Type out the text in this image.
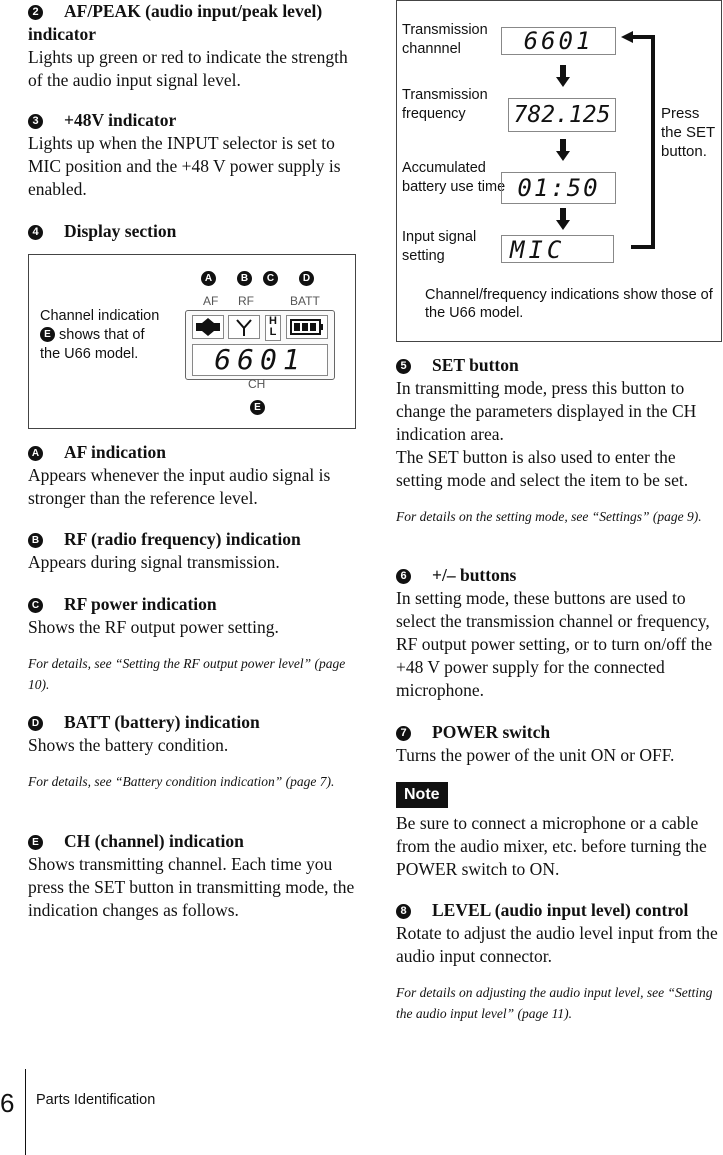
2 AF/PEAK (audio input/peak level) indicator

Lights up green or red to indicate the strength of the audio input signal level.

3 +48V indicator

Lights up when the INPUT selector is set to MIC position and the +48 V power supply is enabled.

4 Display section

Channel indication
E shows that of
the U66 model.
A	B	C	D
AF RF	BATT
H
L
6601
CH
E

A AF indication

Appears whenever the input audio signal is stronger than the reference level.

B RF (radio frequency) indication

Appears during signal transmission.

C RF power indication

Shows the RF output power setting.

For details, see “Setting the RF output power level” (page 10).

D BATT (battery) indication

Shows the battery condition.

For details, see “Battery condition indication” (page 7).

E CH (channel) indication

Shows transmitting channel. Each time you press the SET button in transmitting mode, the indication changes as follows.

Transmission channnel	6601
Transmission frequency	782.125
Accumulated battery use time 01:50
Input signal setting	MIC
Press the SET button.
Channel/frequency indications show those of the U66 model.

5 SET button

In transmitting mode, press this button to change the parameters displayed in the CH indication area.

The SET button is also used to enter the setting mode and select the item to be set.

For details on the setting mode, see “Settings” (page 9).

6 +/– buttons

In setting mode, these buttons are used to select the transmission channel or frequency, RF output power setting, or to turn on/off the +48 V power supply for the connected microphone.

7 POWER switch

Turns the power of the unit ON or OFF.

Note

Be sure to connect a microphone or a cable from the audio mixer, etc. before turning the POWER switch to ON.

8 LEVEL (audio input level) control

Rotate to adjust the audio level input from the audio input connector.

For details on adjusting the audio input level, see “Setting the audio input level” (page 11).

6 Parts Identification
